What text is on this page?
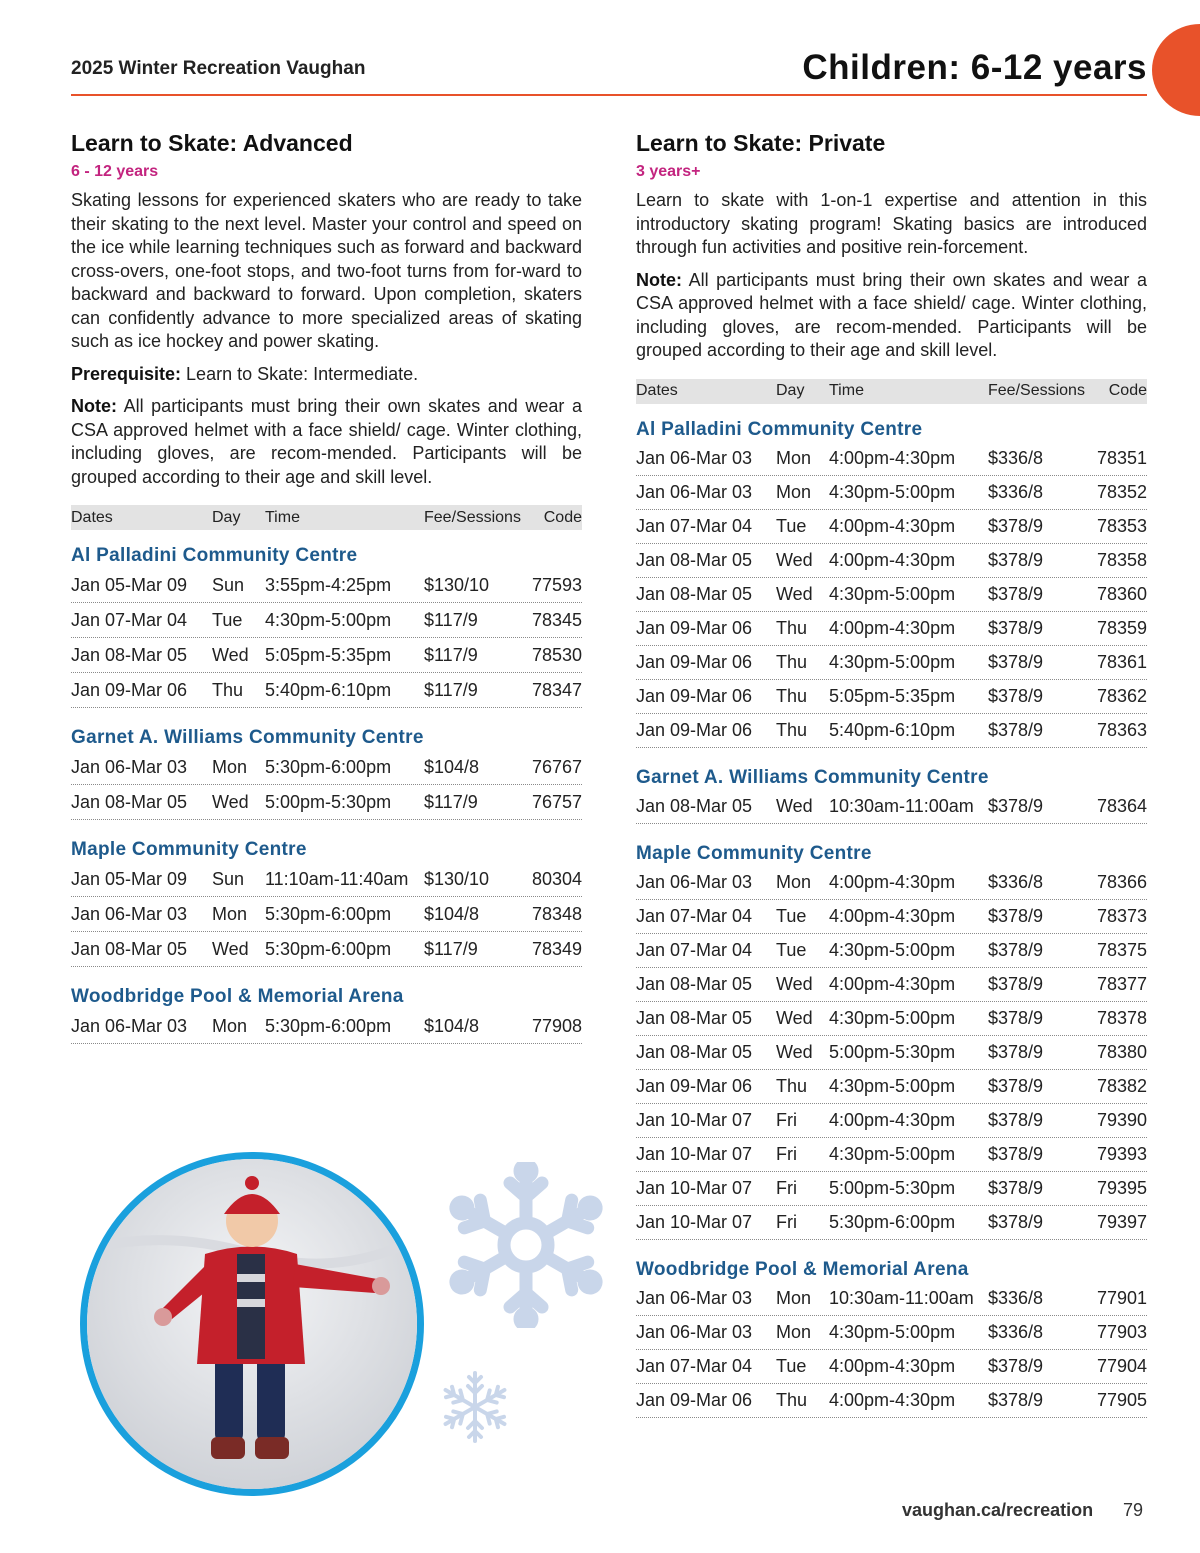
2025 Winter Recreation Vaughan	Children: 6-12 years
Learn to Skate: Advanced
6 - 12 years

Skating lessons for experienced skaters who are ready to take their skating to the next level. Master your control and speed on the ice while learning techniques such as forward and backward cross-overs, one-foot stops, and two-foot turns from for-ward to backward and backward to forward. Upon completion, skaters can confidently advance to more specialized areas of skating such as ice hockey and power skating.

Prerequisite: Learn to Skate: Intermediate.

Note: All participants must bring their own skates and wear a CSA approved helmet with a face shield/ cage. Winter clothing, including gloves, are recom-mended. Participants will be grouped according to their age and skill level.

Dates	Day	Time	Fee/Sessions	Code
Al Palladini Community Centre
Jan 05-Mar 09	Sun	3:55pm-4:25pm	$130/10	77593
Jan 07-Mar 04	Tue	4:30pm-5:00pm	$117/9	78345
Jan 08-Mar 05	Wed 5:05pm-5:35pm	$117/9	78530
Jan 09-Mar 06	Thu	5:40pm-6:10pm	$117/9	78347
Garnet A. Williams Community Centre
Jan 06-Mar 03	Mon 5:30pm-6:00pm	$104/8	76767
Jan 08-Mar 05	Wed 5:00pm-5:30pm	$117/9	76757
Maple Community Centre
Jan 05-Mar 09	Sun	11:10am-11:40am $130/10	80304
Jan 06-Mar 03	Mon 5:30pm-6:00pm	$104/8	78348
Jan 08-Mar 05	Wed 5:30pm-6:00pm	$117/9	78349
Woodbridge Pool & Memorial Arena
Jan 06-Mar 03	Mon 5:30pm-6:00pm	$104/8	77908
Learn to Skate: Private
3 years+

Learn to skate with 1-on-1 expertise and attention in this introductory skating program! Skating basics are introduced through fun activities and positive rein-forcement.

Note: All participants must bring their own skates and wear a CSA approved helmet with a face shield/ cage. Winter clothing, including gloves, are recom-mended. Participants will be grouped according to their age and skill level.

Dates	Day	Time	Fee/Sessions	Code
Al Palladini Community Centre
Jan 06-Mar 03	Mon 4:00pm-4:30pm	$336/8	78351
Jan 06-Mar 03	Mon 4:30pm-5:00pm	$336/8	78352
Jan 07-Mar 04	Tue	4:00pm-4:30pm	$378/9	78353
Jan 08-Mar 05	Wed 4:00pm-4:30pm	$378/9	78358
Jan 08-Mar 05	Wed 4:30pm-5:00pm	$378/9	78360
Jan 09-Mar 06	Thu	4:00pm-4:30pm	$378/9	78359
Jan 09-Mar 06	Thu	4:30pm-5:00pm	$378/9	78361
Jan 09-Mar 06	Thu	5:05pm-5:35pm	$378/9	78362
Jan 09-Mar 06	Thu	5:40pm-6:10pm	$378/9	78363
Garnet A. Williams Community Centre
Jan 08-Mar 05	Wed 10:30am-11:00am $378/9	78364
Maple Community Centre
Jan 06-Mar 03	Mon 4:00pm-4:30pm	$336/8	78366
Jan 07-Mar 04	Tue	4:00pm-4:30pm	$378/9	78373
Jan 07-Mar 04	Tue	4:30pm-5:00pm	$378/9	78375
Jan 08-Mar 05	Wed 4:00pm-4:30pm	$378/9	78377
Jan 08-Mar 05	Wed 4:30pm-5:00pm	$378/9	78378
Jan 08-Mar 05	Wed 5:00pm-5:30pm	$378/9	78380
Jan 09-Mar 06	Thu	4:30pm-5:00pm	$378/9	78382
Jan 10-Mar 07	Fri	4:00pm-4:30pm	$378/9	79390
Jan 10-Mar 07	Fri	4:30pm-5:00pm	$378/9	79393
Jan 10-Mar 07	Fri	5:00pm-5:30pm	$378/9	79395
Jan 10-Mar 07	Fri	5:30pm-6:00pm	$378/9	79397
Woodbridge Pool & Memorial Arena
Jan 06-Mar 03	Mon 10:30am-11:00am $336/8	77901
Jan 06-Mar 03	Mon 4:30pm-5:00pm	$336/8	77903
Jan 07-Mar 04	Tue	4:00pm-4:30pm	$378/9	77904
Jan 09-Mar 06	Thu	4:00pm-4:30pm	$378/9	77905
vaughan.ca/recreation 79
